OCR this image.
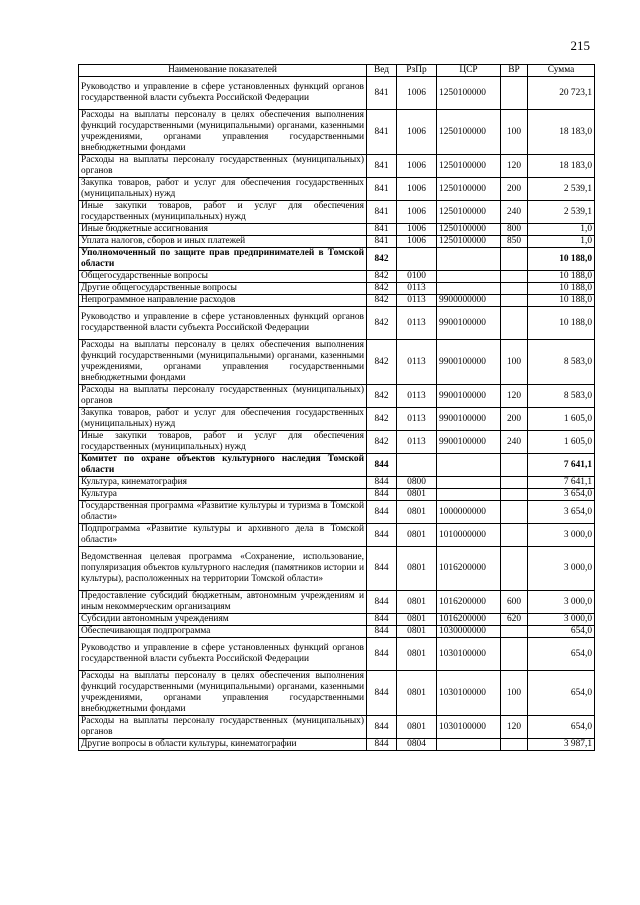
215
Наименование показателей	Вед	РзПр	ЦСР	ВР	Сумма
Руководство и управление в сфере установленных функций органов государственной власти субъекта Российской Федерации	841	1006	1250100000		20 723,1
Расходы на выплаты персоналу в целях обеспечения выполнения функций государственными (муниципальными) органами, казенными учреждениями, органами управления государственными внебюджетными фондами	841	1006	1250100000	100	18 183,0
Расходы на выплаты персоналу государственных (муниципальных) органов	841	1006	1250100000	120	18 183,0
Закупка товаров, работ и услуг для обеспечения государственных (муниципальных) нужд	841	1006	1250100000	200	2 539,1
Иные закупки товаров, работ и услуг для обеспечения государственных (муниципальных) нужд	841	1006	1250100000	240	2 539,1
Иные бюджетные ассигнования	841	1006	1250100000	800	1,0
Уплата налогов, сборов и иных платежей	841	1006	1250100000	850	1,0
Уполномоченный по защите прав предпринимателей в Томской области	842				10 188,0
Общегосударственные вопросы	842	0100			10 188,0
Другие общегосударственные вопросы	842	0113			10 188,0
Непрограммное направление расходов	842	0113	9900000000		10 188,0
Руководство и управление в сфере установленных функций органов государственной власти субъекта Российской Федерации	842	0113	9900100000		10 188,0
Расходы на выплаты персоналу в целях обеспечения выполнения функций государственными (муниципальными) органами, казенными учреждениями, органами управления государственными внебюджетными фондами	842	0113	9900100000	100	8 583,0
Расходы на выплаты персоналу государственных (муниципальных) органов	842	0113	9900100000	120	8 583,0
Закупка товаров, работ и услуг для обеспечения государственных (муниципальных) нужд	842	0113	9900100000	200	1 605,0
Иные закупки товаров, работ и услуг для обеспечения государственных (муниципальных) нужд	842	0113	9900100000	240	1 605,0
Комитет по охране объектов культурного наследия Томской области	844				7 641,1
Культура, кинематография	844	0800			7 641,1
Культура	844	0801			3 654,0
Государственная программа «Развитие культуры и туризма в Томской области»	844	0801	1000000000		3 654,0
Подпрограмма «Развитие культуры и архивного дела в Томской области»	844	0801	1010000000		3 000,0
Ведомственная целевая программа «Сохранение, использование, популяризация объектов культурного наследия (памятников истории и культуры), расположенных на территории Томской области»	844	0801	1016200000		3 000,0
Предоставление субсидий бюджетным, автономным учреждениям и иным некоммерческим организациям	844	0801	1016200000	600	3 000,0
Субсидии автономным учреждениям	844	0801	1016200000	620	3 000,0
Обеспечивающая подпрограмма	844	0801	1030000000		654,0
Руководство и управление в сфере установленных функций органов государственной власти субъекта Российской Федерации	844	0801	1030100000		654,0
Расходы на выплаты персоналу в целях обеспечения выполнения функций государственными (муниципальными) органами, казенными учреждениями, органами управления государственными внебюджетными фондами	844	0801	1030100000	100	654,0
Расходы на выплаты персоналу государственных (муниципальных) органов	844	0801	1030100000	120	654,0
Другие вопросы в области культуры, кинематографии	844	0804			3 987,1
